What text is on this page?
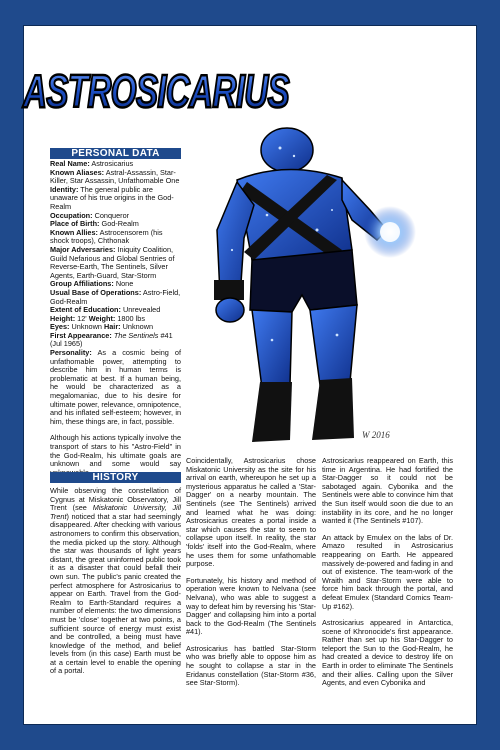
ASTROSICARIUS
W 2016
PERSONAL DATA
Real Name: Astrosicarius
Known Aliases: Astral-Assassin, Star-Killer, Star Assassin, Unfathomable One
Identity: The general public are unaware of his true origins in the God-Realm
Occupation: Conqueror
Place of Birth: God-Realm
Known Allies: Astrocensorem (his shock troops), Chthonak
Major Adversaries: Iniquity Coalition, Guild Nefarious and Global Sentries of Reverse-Earth, The Sentinels, Silver Agents, Earth-Guard, Star-Storm
Group Affiliations: None
Usual Base of Operations: Astro-Field, God-Realm
Extent of Education: Unrevealed
Height: 12' Weight: 1800 lbs
Eyes: Unknown Hair: Unknown
First Appearance: The Sentinels #41 (Jul 1965)
Personality: As a cosmic being of unfathomable power, attempting to describe him in human terms is problematic at best. If a human being, he would be characterized as a megalomaniac, due to his desire for ultimate power, relevance, omnipotence, and his inflated self-esteem; however, in him, these things are, in fact, possible.
Although his actions typically involve the transport of stars to his "Astro-Field" in the God-Realm, his ultimate goals are unknown and some would say
HISTORY

While observing the constellation of Cygnus at Miskatonic Observatory, Jill Trent (see Miskatonic University, Jill Trent) noticed that a star had seemingly disappeared. After checking with various astronomers to confirm this observation, the media picked up the story. Although the star was thousands of light years distant, the great uninformed public took it as a disaster that could befall their own sun. The public's panic created the perfect atmosphere for Astrosicarius to appear on Earth. Travel from the God-Realm to Earth-Standard requires a number of elements: the two dimensions must be 'close' together at two points, a sufficient source of energy must exist and be controlled, a being must have knowledge of the method, and belief levels from (in this case) Earth must be at a certain level to enable the opening of a portal.

Coincidentally, Astrosicarius chose Miskatonic University as the site for his arrival on earth, whereupon he set up a mysterious apparatus he called a 'Star-Dagger' on a nearby mountain. The Sentinels (see The Sentinels) arrived and learned what he was doing: Astrosicarius creates a portal inside a star which causes the star to seem to collapse upon itself. In reality, the star 'folds' itself into the God-Realm, where he uses them for some unfathomable purpose.

Fortunately, his history and method of operation were known to Nelvana (see Nelvana), who was able to suggest a way to defeat him by reversing his 'Star-Dagger' and collapsing him into a portal back to the God-Realm (The Sentinels #41).

Astrosicarius has battled Star-Storm who was briefly able to oppose him as he sought to collapse a star in the Eridanus constellation (Star-Storm #36, see Star-Storm).

Astrosicarius reappeared on Earth, this time in Argentina. He had fortified the Star-Dagger so it could not be sabotaged again. Cybonika and the Sentinels were able to convince him that the Sun itself would soon die due to an instability in its core, and he no longer wanted it (The Sentinels #107).

An attack by Emulex on the labs of Dr. Amazo resulted in Astrosicarius reappearing on Earth. He appeared massively de-powered and fading in and out of existence. The team-work of the Wraith and Star-Storm were able to force him back through the portal, and defeat Emulex (Standard Comics Team-Up #162).

Astrosicarius appeared in Antarctica, scene of Khronocide's first appearance. Rather than set up his Star-Dagger to teleport the Sun to the God-Realm, he had created a device to destroy life on Earth in order to eliminate The Sentinels and their allies. Calling upon the Silver Agents, and even Cybonika and
